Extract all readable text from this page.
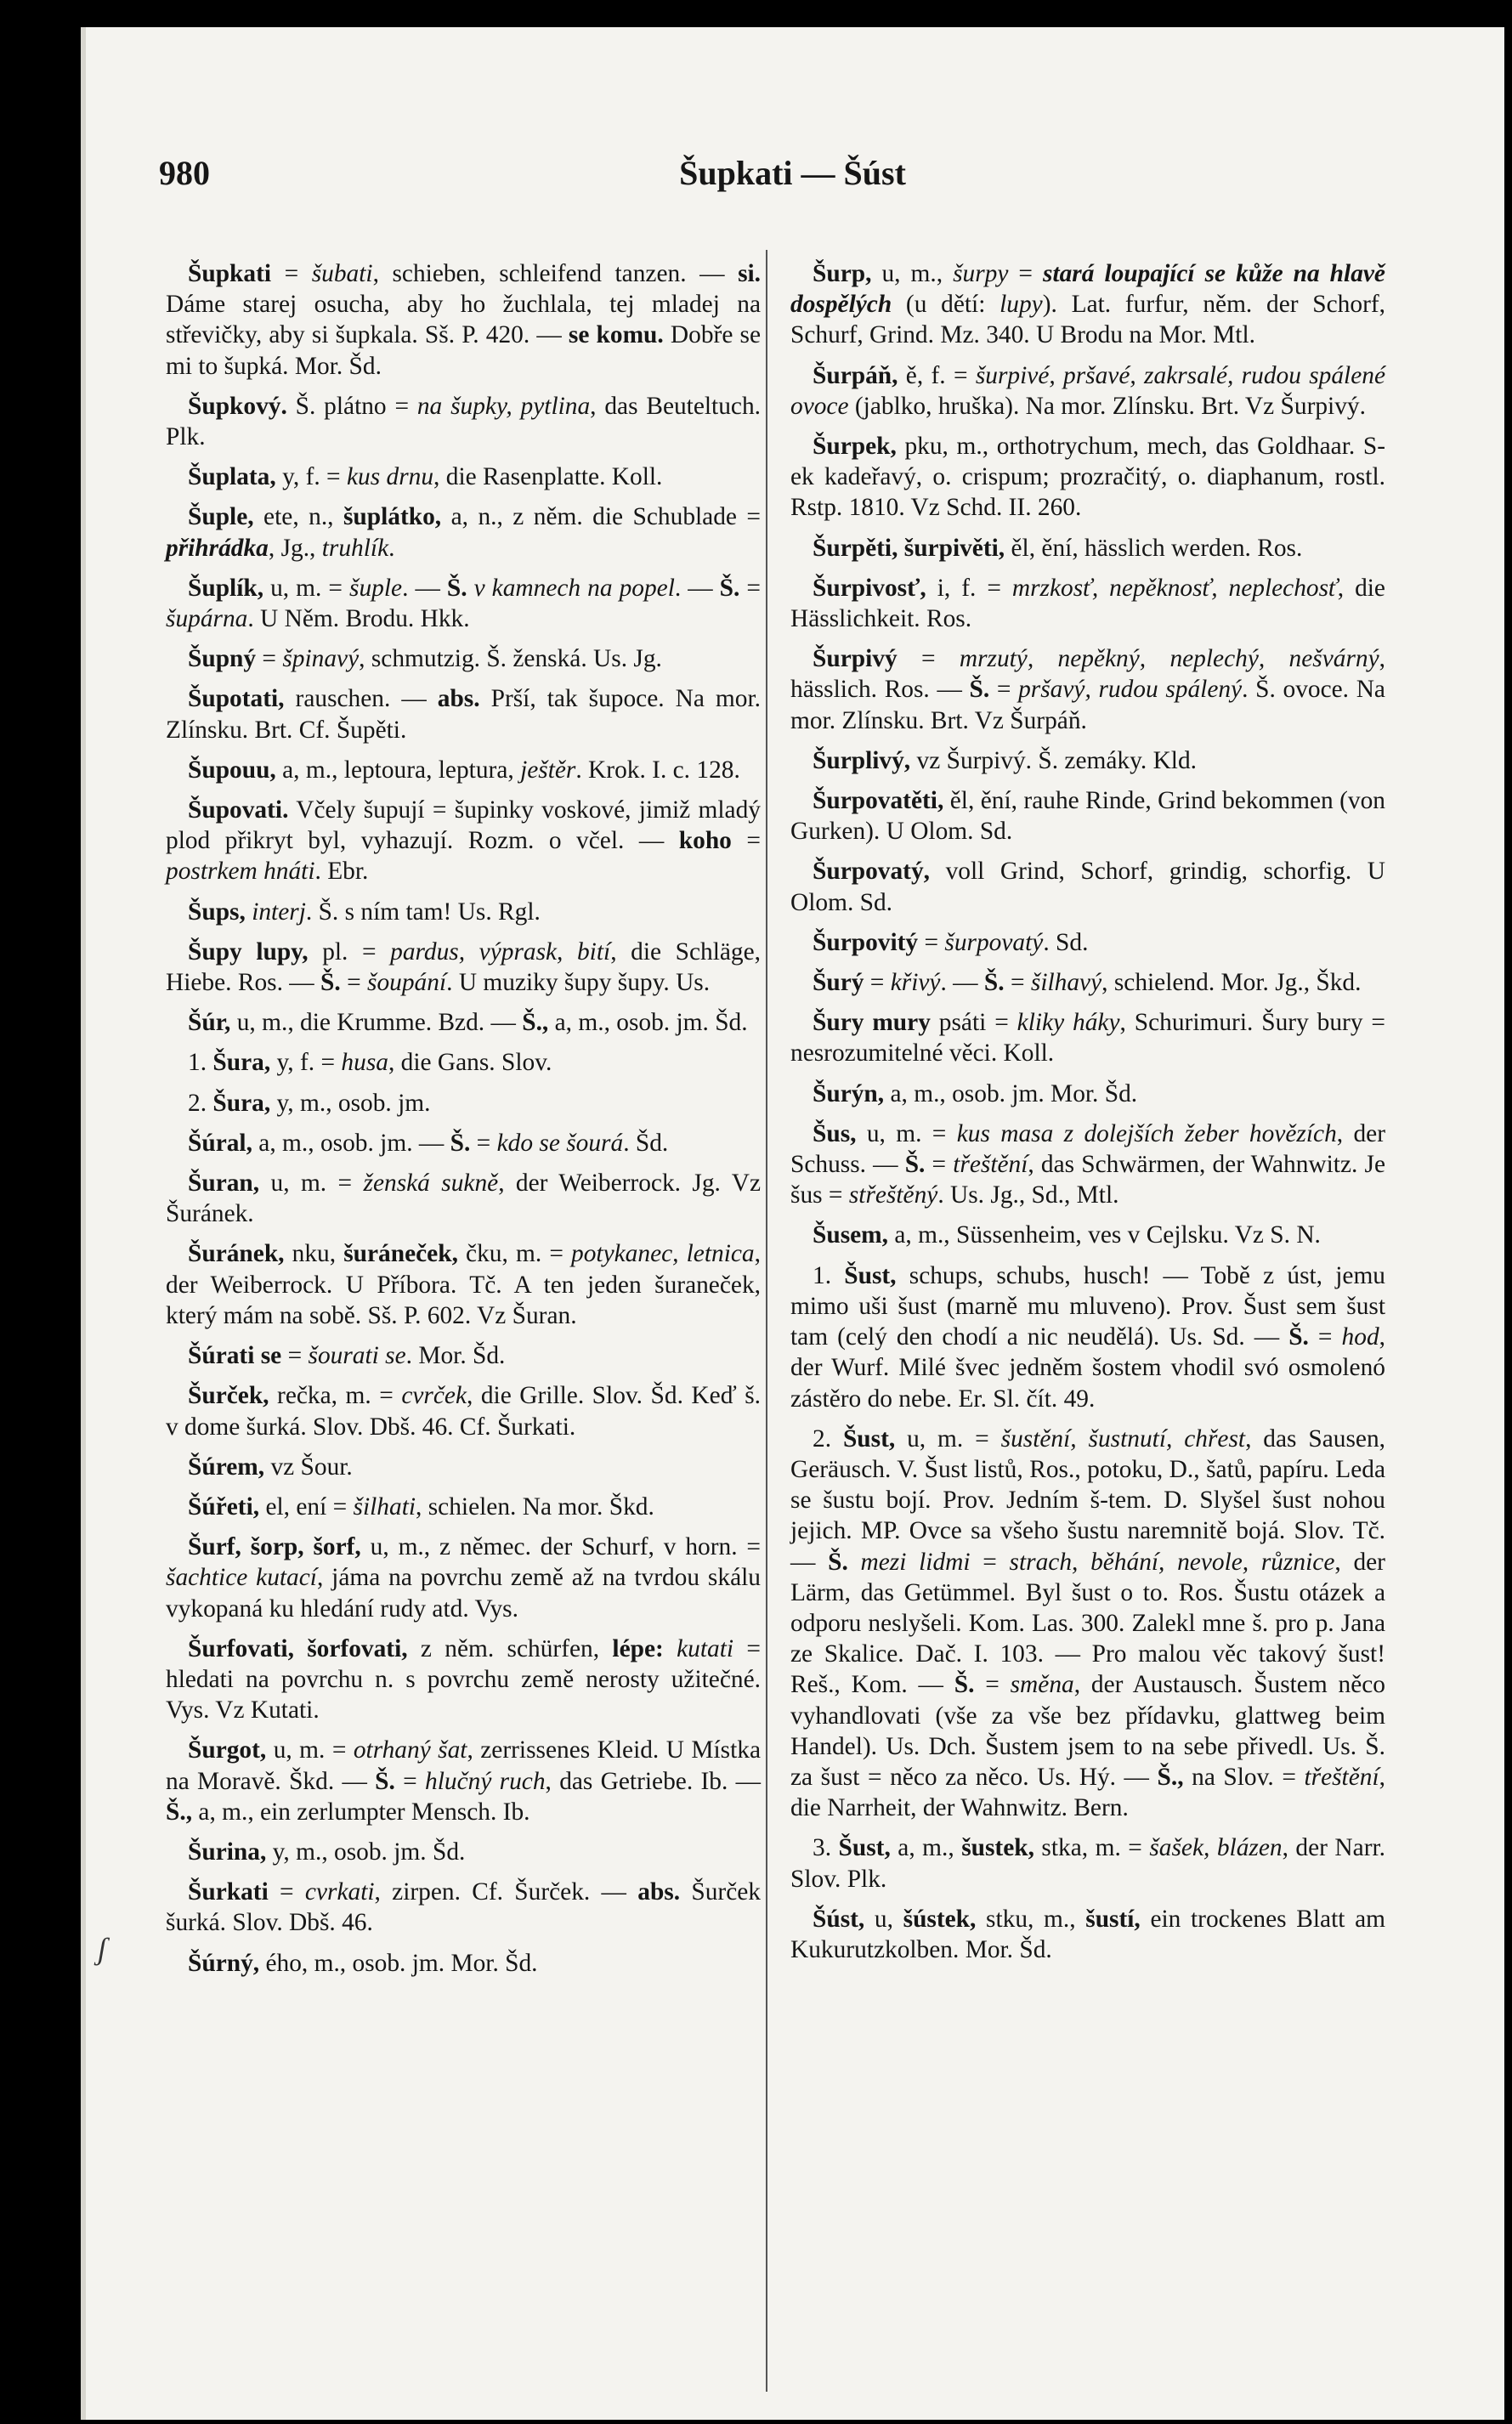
Šupkati — Šúst
980

Šupkati = šubati, schieben, schleifend tanzen. — si. Dáme starej osucha, aby ho žuchlala, tej mladej na střevičky, aby si šupkala. Sš. P. 420. — se komu. Dobře se mi to šupká. Mor. Šd.

Šupkový. Š. plátno = na šupky, pytlina, das Beuteltuch. Plk.

Šuplata, y, f. = kus drnu, die Rasenplatte. Koll.

Šuple, ete, n., šuplátko, a, n., z něm. die Schublade = přihrádka, Jg., truhlík.

Šuplík, u, m. = šuple. — Š. v kamnech na popel. — Š. = šupárna. U Něm. Brodu. Hkk.

Šupný = špinavý, schmutzig. Š. ženská. Us. Jg.

Šupotati, rauschen. — abs. Prší, tak šupoce. Na mor. Zlínsku. Brt. Cf. Šupěti.

Šupouu, a, m., leptoura, leptura, ještěr. Krok. I. c. 128.

Šupovati. Včely šupují = šupinky voskové, jimiž mladý plod přikryt byl, vyhazují. Rozm. o včel. — koho = postrkem hnáti. Ebr.

Šups, interj. Š. s ním tam! Us. Rgl.

Šupy lupy, pl. = pardus, výprask, bití, die Schläge, Hiebe. Ros. — Š. = šoupání. U muziky šupy šupy. Us.

Šúr, u, m., die Krumme. Bzd. — Š., a, m., osob. jm. Šd.

1. Šura, y, f. = husa, die Gans. Slov.

2. Šura, y, m., osob. jm.

Šúral, a, m., osob. jm. — Š. = kdo se šourá. Šd.

Šuran, u, m. = ženská sukně, der Weiberrock. Jg. Vz Šuránek.

Šuránek, nku, šuráneček, čku, m. = potykanec, letnica, der Weiberrock. U Příbora. Tč. A ten jeden šuraneček, který mám na sobě. Sš. P. 602. Vz Šuran.

Šúrati se = šourati se. Mor. Šd.

Šurček, rečka, m. = cvrček, die Grille. Slov. Šd. Keď š. v dome šurká. Slov. Dbš. 46. Cf. Šurkati.

Šúrem, vz Šour.

Šúřeti, el, ení = šilhati, schielen. Na mor. Škd.

Šurf, šorp, šorf, u, m., z němec. der Schurf, v horn. = šachtice kutací, jáma na povrchu země až na tvrdou skálu vykopaná ku hledání rudy atd. Vys.

Šurfovati, šorfovati, z něm. schürfen, lépe: kutati = hledati na povrchu n. s povrchu země nerosty užitečné. Vys. Vz Kutati.

Šurgot, u, m. = otrhaný šat, zerrissenes Kleid. U Místka na Moravě. Škd. — Š. = hlučný ruch, das Getriebe. Ib. — Š., a, m., ein zerlumpter Mensch. Ib.

Šurina, y, m., osob. jm. Šd.

Šurkati = cvrkati, zirpen. Cf. Šurček. — abs. Šurček šurká. Slov. Dbš. 46.

Šúrný, ého, m., osob. jm. Mor. Šd.

Šurp, u, m., šurpy = stará loupající se kůže na hlavě dospělých (u dětí: lupy). Lat. furfur, něm. der Schorf, Schurf, Grind. Mz. 340. U Brodu na Mor. Mtl.

Šurpáň, ě, f. = šurpivé, pršavé, zakrsalé, rudou spálené ovoce (jablko, hruška). Na mor. Zlínsku. Brt. Vz Šurpivý.

Šurpek, pku, m., orthotrychum, mech, das Goldhaar. S-ek kadeřavý, o. crispum; prozračitý, o. diaphanum, rostl. Rstp. 1810. Vz Schd. II. 260.

Šurpěti, šurpivěti, ěl, ění, hässlich werden. Ros.

Šurpivosť, i, f. = mrzkosť, nepěknosť, neplechosť, die Hässlichkeit. Ros.

Šurpivý = mrzutý, nepěkný, neplechý, nešvárný, hässlich. Ros. — Š. = pršavý, rudou spálený. Š. ovoce. Na mor. Zlínsku. Brt. Vz Šurpáň.

Šurplivý, vz Šurpivý. Š. zemáky. Kld.

Šurpovatěti, ěl, ění, rauhe Rinde, Grind bekommen (von Gurken). U Olom. Sd.

Šurpovatý, voll Grind, Schorf, grindig, schorfig. U Olom. Sd.

Šurpovitý = šurpovatý. Sd.

Šurý = křivý. — Š. = šilhavý, schielend. Mor. Jg., Škd.

Šury mury psáti = kliky háky, Schurimuri. Šury bury = nesrozumitelné věci. Koll.

Šurýn, a, m., osob. jm. Mor. Šd.

Šus, u, m. = kus masa z dolejších žeber hovězích, der Schuss. — Š. = třeštění, das Schwärmen, der Wahnwitz. Je šus = střeštěný. Us. Jg., Sd., Mtl.

Šusem, a, m., Süssenheim, ves v Cejlsku. Vz S. N.

1. Šust, schups, schubs, husch! — Tobě z úst, jemu mimo uši šust (marně mu mluveno). Prov. Šust sem šust tam (celý den chodí a nic neudělá). Us. Sd. — Š. = hod, der Wurf. Milé švec jedněm šostem vhodil svó osmolenó zástěro do nebe. Er. Sl. čít. 49.

2. Šust, u, m. = šustění, šustnutí, chřest, das Sausen, Geräusch. V. Šust listů, Ros., potoku, D., šatů, papíru. Leda se šustu bojí. Prov. Jedním š-tem. D. Slyšel šust nohou jejich. MP. Ovce sa všeho šustu naremnitě bojá. Slov. Tč. — Š. mezi lidmi = strach, běhání, nevole, různice, der Lärm, das Getümmel. Byl šust o to. Ros. Šustu otázek a odporu neslyšeli. Kom. Las. 300. Zalekl mne š. pro p. Jana ze Skalice. Dač. I. 103. — Pro malou věc takový šust! Reš., Kom. — Š. = směna, der Austausch. Šustem něco vyhandlovati (vše za vše bez přídavku, glattweg beim Handel). Us. Dch. Šustem jsem to na sebe přivedl. Us. Š. za šust = něco za něco. Us. Hý. — Š., na Slov. = třeštění, die Narrheit, der Wahnwitz. Bern.

3. Šust, a, m., šustek, stka, m. = šašek, blázen, der Narr. Slov. Plk.

Šúst, u, šústek, stku, m., šustí, ein trockenes Blatt am Kukurutzkolben. Mor. Šd.

ʃ
